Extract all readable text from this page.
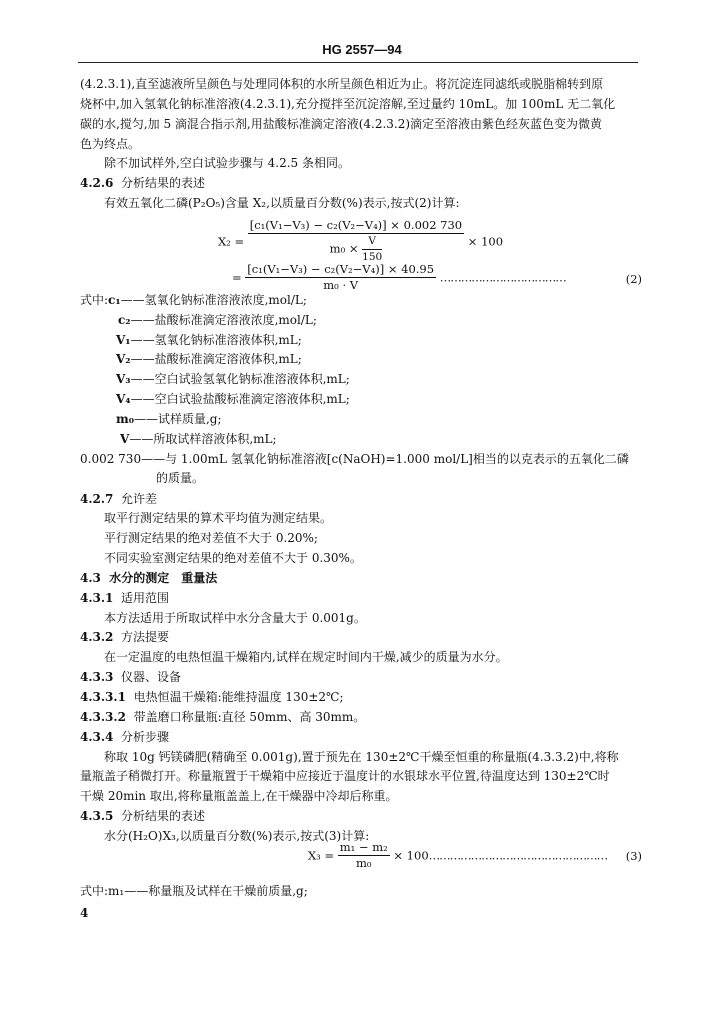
HG 2557—94
(4.2.3.1),直至滤液所呈颜色与处理同体积的水所呈颜色相近为止。将沉淀连同滤纸或脱脂棉转到原
烧杯中,加入氢氧化钠标准溶液(4.2.3.1),充分搅拌至沉淀溶解,至过量约 10mL。加 100mL 无二氧化
碳的水,搅匀,加 5 滴混合指示剂,用盐酸标准滴定溶液(4.2.3.2)滴定至溶液由紫色经灰蓝色变为微黄
色为终点。
除不加试样外,空白试验步骤与 4.2.5 条相同。
4.2.6 分析结果的表述
有效五氧化二磷(P₂O₅)含量 X₂,以质量百分数(%)表示,按式(2)计算:
$X_2 = \frac{\text{[c₁(V₁−V₃) − c₂(V₂−V₄)] × 0.002 730}}{m_0 \times \frac{V}{150}} \times 100$
= $\frac{\text{[c₁(V₁−V₃) − c₂(V₂−V₄)] × 40.95}}{\text{m₀ · V}}$ ………………………………	(2)
式中:c₁——氢氧化钠标准溶液浓度,mol/L;
c₂——盐酸标准滴定溶液浓度,mol/L;
V₁——氢氧化钠标准溶液体积,mL;
V₂——盐酸标准滴定溶液体积,mL;
V₃——空白试验氢氧化钠标准溶液体积,mL;
V₄——空白试验盐酸标准滴定溶液体积,mL;
m₀——试样质量,g;
V——所取试样溶液体积,mL;
0.002 730——与 1.00mL 氢氧化钠标准溶液[c(NaOH)=1.000 mol/L]相当的以克表示的五氧化二磷
的质量。
4.2.7 允许差
取平行测定结果的算术平均值为测定结果。
平行测定结果的绝对差值不大于 0.20%;
不同实验室测定结果的绝对差值不大于 0.30%。
4.3 水分的测定　重量法
4.3.1 适用范围
本方法适用于所取试样中水分含量大于 0.001g。
4.3.2 方法提要
在一定温度的电热恒温干燥箱内,试样在规定时间内干燥,减少的质量为水分。
4.3.3 仪器、设备
4.3.3.1 电热恒温干燥箱:能维持温度 130±2℃;
4.3.3.2 带盖磨口称量瓶:直径 50mm、高 30mm。
4.3.4 分析步骤
称取 10g 钙镁磷肥(精确至 0.001g),置于预先在 130±2℃干燥至恒重的称量瓶(4.3.3.2)中,将称
量瓶盖子稍微打开。称量瓶置于干燥箱中应接近于温度计的水银球水平位置,待温度达到 130±2℃时
干燥 20min 取出,将称量瓶盖盖上,在干燥器中冷却后称重。
4.3.5 分析结果的表述
水分(H₂O)X₃,以质量百分数(%)表示,按式(3)计算:
$X_3 = \frac{\text{m₁ − m₂}}{\text{m₀}}$ × 100…………………………………………… (3)
式中:m₁——称量瓶及试样在干燥前质量,g;
4
